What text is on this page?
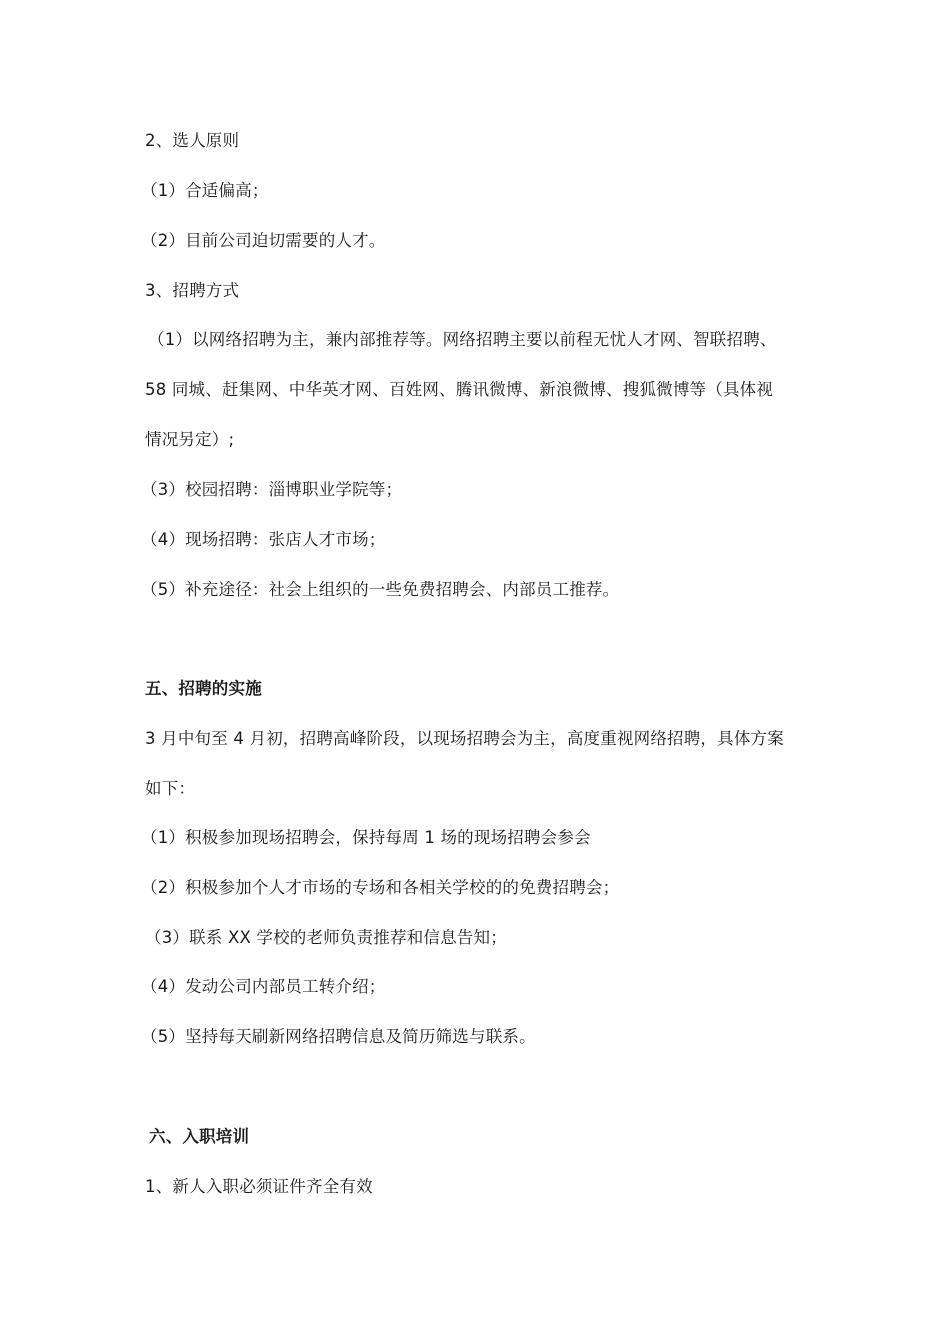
2、选人原则
（1）合适偏高；
（2）目前公司迫切需要的人才。
3、招聘方式
（1）以网络招聘为主，兼内部推荐等。网络招聘主要以前程无忧人才网、智联招聘、
58 同城、赶集网、中华英才网、百姓网、腾讯微博、新浪微博、搜狐微博等（具体视
情况另定）;
（3）校园招聘：淄博职业学院等；
（4）现场招聘：张店人才市场；
（5）补充途径：社会上组织的一些免费招聘会、内部员工推荐。
五、招聘的实施
3 月中旬至 4 月初，招聘高峰阶段，以现场招聘会为主，高度重视网络招聘，具体方案
如下：
（1）积极参加现场招聘会，保持每周 1 场的现场招聘会参会
（2）积极参加个人才市场的专场和各相关学校的的免费招聘会；
（3）联系 XX 学校的老师负责推荐和信息告知；
（4）发动公司内部员工转介绍；
（5）坚持每天刷新网络招聘信息及简历筛选与联系。
六、入职培训
1、新人入职必须证件齐全有效
